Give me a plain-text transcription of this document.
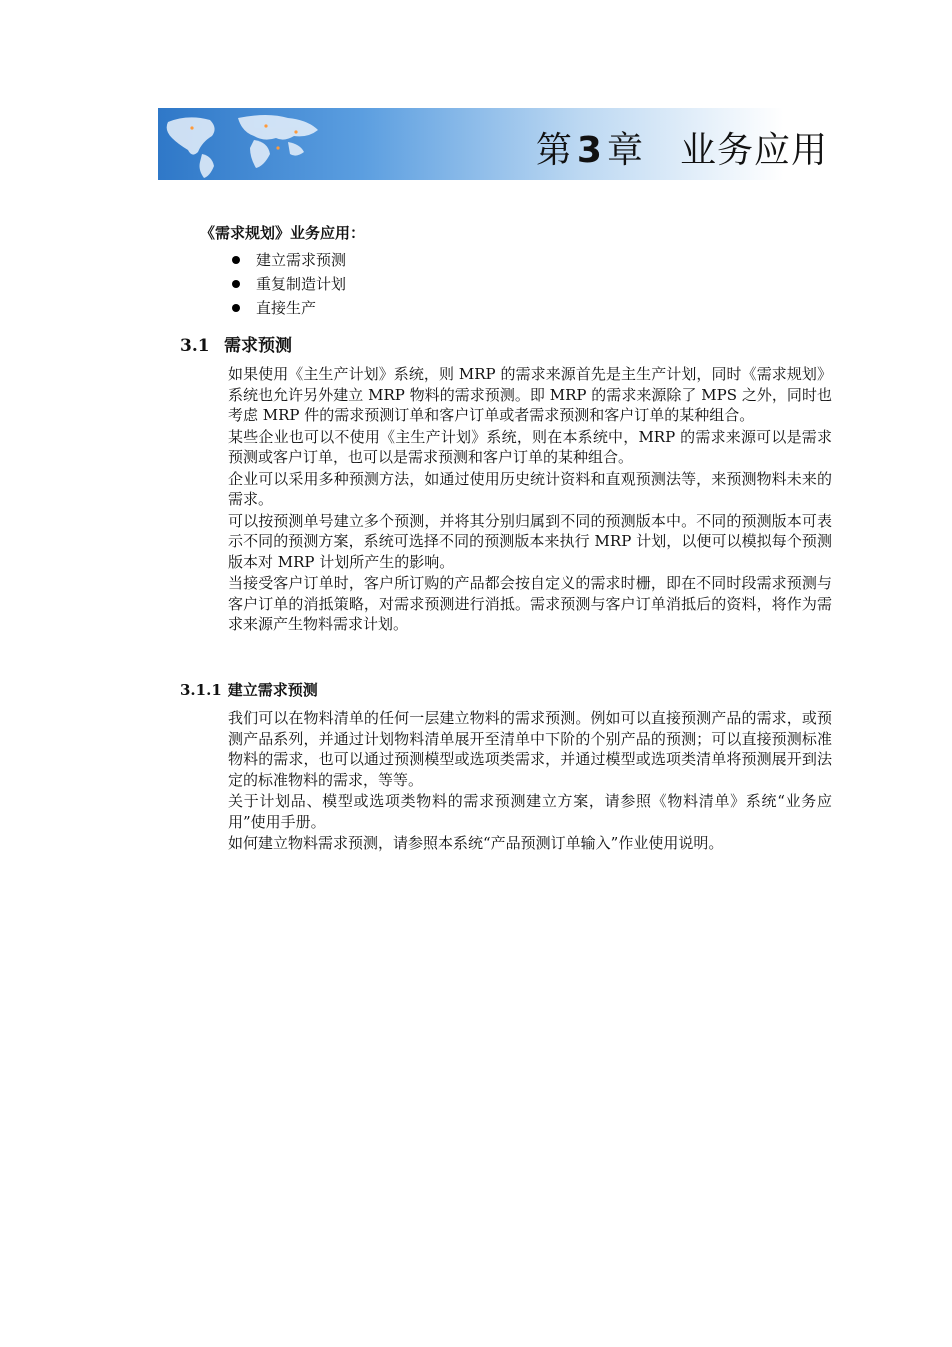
第 3 章 业务应用
《需求规划》业务应用：
建立需求预测
重复制造计划
直接生产
3.1 需求预测

如果使用《主生产计划》系统，则 MRP 的需求来源首先是主生产计划，同时《需求规划》系统也允许另外建立 MRP 物料的需求预测。即 MRP 的需求来源除了 MPS 之外，同时也考虑 MRP 件的需求预测订单和客户订单或者需求预测和客户订单的某种组合。

某些企业也可以不使用《主生产计划》系统，则在本系统中，MRP 的需求来源可以是需求预测或客户订单，也可以是需求预测和客户订单的某种组合。

企业可以采用多种预测方法，如通过使用历史统计资料和直观预测法等，来预测物料未来的需求。

可以按预测单号建立多个预测，并将其分别归属到不同的预测版本中。不同的预测版本可表示不同的预测方案，系统可选择不同的预测版本来执行 MRP 计划，以便可以模拟每个预测版本对 MRP 计划所产生的影响。

当接受客户订单时，客户所订购的产品都会按自定义的需求时栅，即在不同时段需求预测与客户订单的消抵策略，对需求预测进行消抵。需求预测与客户订单消抵后的资料，将作为需求来源产生物料需求计划。

3.1.1 建立需求预测

我们可以在物料清单的任何一层建立物料的需求预测。例如可以直接预测产品的需求，或预测产品系列，并通过计划物料清单展开至清单中下阶的个别产品的预测；可以直接预测标准物料的需求，也可以通过预测模型或选项类需求，并通过模型或选项类清单将预测展开到法定的标准物料的需求，等等。

关于计划品、模型或选项类物料的需求预测建立方案，请参照《物料清单》系统“业务应用”使用手册。

如何建立物料需求预测，请参照本系统“产品预测订单输入”作业使用说明。
